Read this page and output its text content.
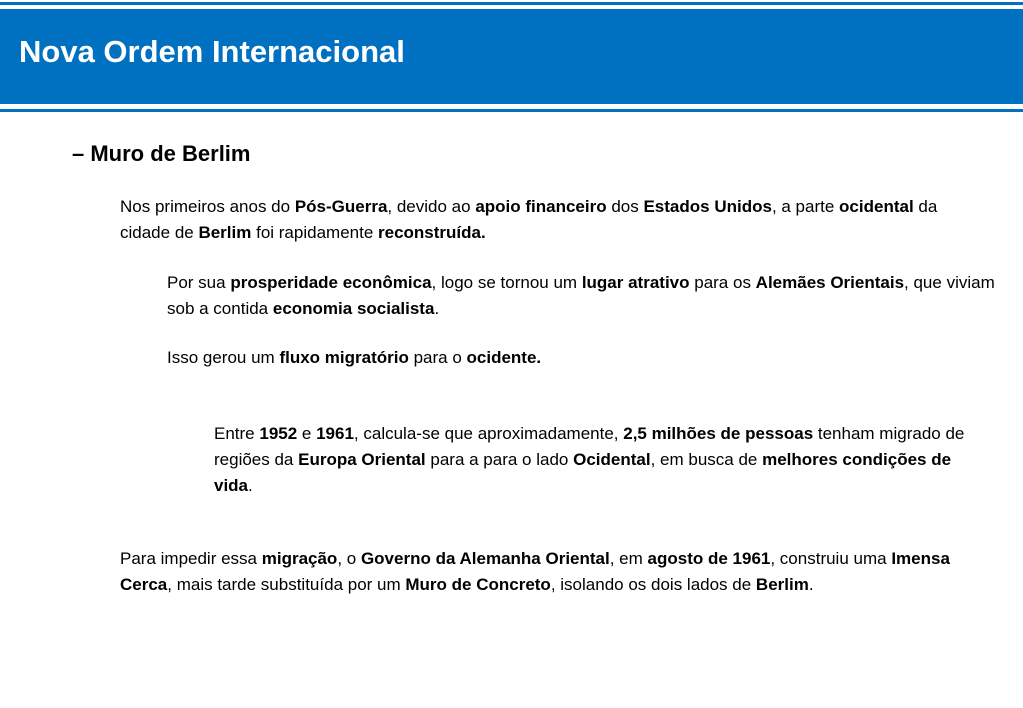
Nova Ordem Internacional
– Muro de Berlim

Nos primeiros anos do Pós-Guerra, devido ao apoio financeiro dos Estados Unidos, a parte ocidental da cidade de Berlim foi rapidamente reconstruída.

Por sua prosperidade econômica, logo se tornou um lugar atrativo para os Alemães Orientais, que viviam sob a contida economia socialista.

Isso gerou um fluxo migratório para o ocidente.

Entre 1952 e 1961, calcula-se que aproximadamente, 2,5 milhões de pessoas tenham migrado de regiões da Europa Oriental para a para o lado Ocidental, em busca de melhores condições de vida.

Para impedir essa migração, o Governo da Alemanha Oriental, em agosto de 1961, construiu uma Imensa Cerca, mais tarde substituída por um Muro de Concreto, isolando os dois lados de Berlim.
